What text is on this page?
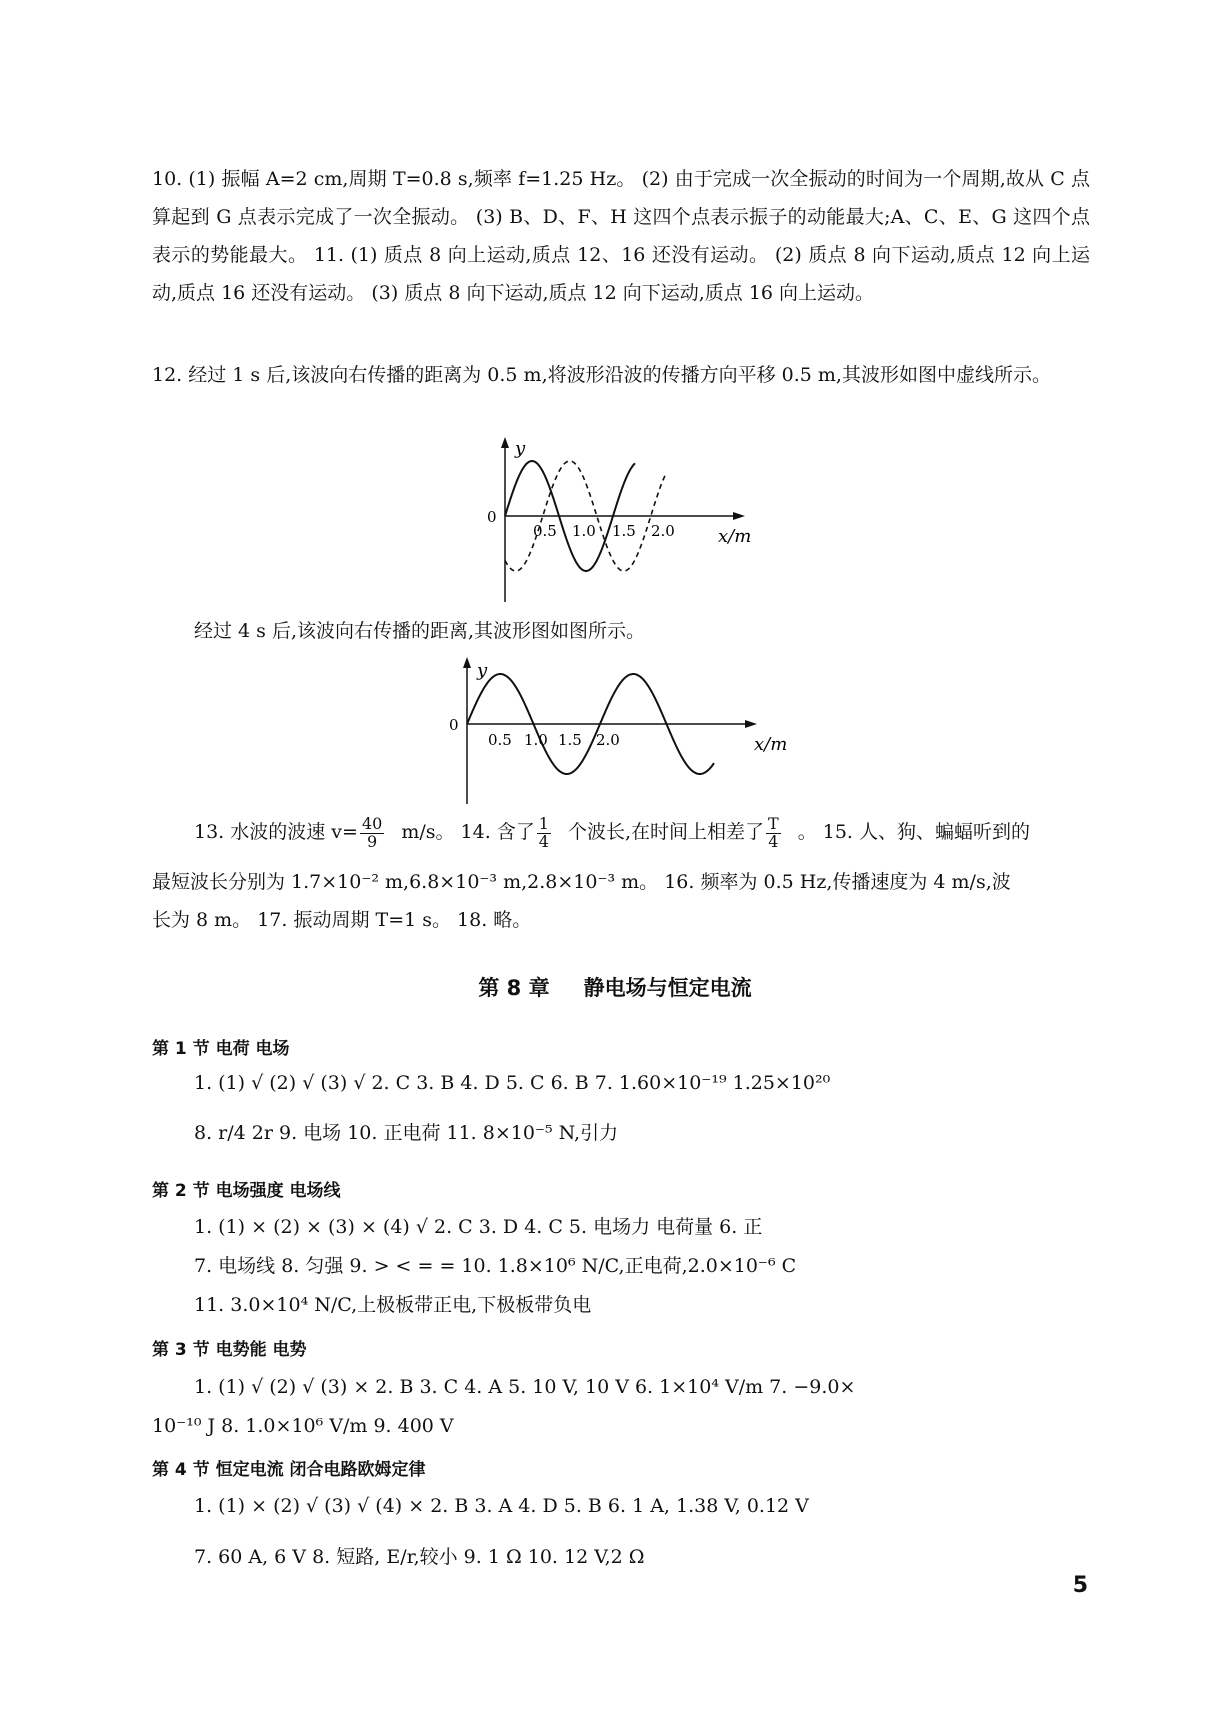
10. (1) 振幅 A=2 cm,周期 T=0.8 s,频率 f=1.25 Hz。 (2) 由于完成一次全振动的时间为一个周期,故从 C 点算起到 G 点表示完成了一次全振动。 (3) B、D、F、H 这四个点表示振子的动能最大;A、C、E、G 这四个点表示的势能最大。 11. (1) 质点 8 向上运动,质点 12、16 还没有运动。 (2) 质点 8 向下运动,质点 12 向上运动,质点 16 还没有运动。 (3) 质点 8 向下运动,质点 12 向下运动,质点 16 向上运动。

12. 经过 1 s 后,该波向右传播的距离为 0.5 m,将波形沿波的传播方向平移 0.5 m,其波形如图中虚线所示。

y
0
0.5 1.0 1.5 2.0 x/m

经过 4 s 后,该波向右传播的距离,其波形图如图所示。

y
0
0.5 1.0 1.5 2.0	x/m
13. 水波的波速 $v= \frac{40}{9} m/s$。 14. 含了 $\frac{1}{4}$ 个波长,在时间上相差了 $\frac{T}{4}$ 。 15. 人、狗、蝙蝠听到的
最短波长分别为 1.7×10⁻² m,6.8×10⁻³ m,2.8×10⁻³ m。 16. 频率为 0.5 Hz,传播速度为 4 m/s,波
长为 8 m。 17. 振动周期 T=1 s。 18. 略。
第 8 章 静电场与恒定电流
第 1 节 电荷 电场
1. (1) √ (2) √ (3) √ 2. C 3. B 4. D 5. C 6. B 7. 1.60×10⁻¹⁹ 1.25×10²⁰
8. r/4 2r 9. 电场 10. 正电荷 11. 8×10⁻⁵ N,引力
第 2 节 电场强度 电场线
1. (1) × (2) × (3) × (4) √ 2. C 3. D 4. C 5. 电场力 电荷量 6. 正
7. 电场线 8. 匀强 9. > < = = 10. 1.8×10⁶ N/C,正电荷,2.0×10⁻⁶ C
11. 3.0×10⁴ N/C,上极板带正电,下极板带负电
第 3 节 电势能 电势
1. (1) √ (2) √ (3) × 2. B 3. C 4. A 5. 10 V, 10 V 6. 1×10⁴ V/m 7. −9.0×
10⁻¹⁰ J 8. 1.0×10⁶ V/m 9. 400 V
第 4 节 恒定电流 闭合电路欧姆定律
1. (1) × (2) √ (3) √ (4) × 2. B 3. A 4. D 5. B 6. 1 A, 1.38 V, 0.12 V
7. 60 A, 6 V 8. 短路, E/r,较小 9. 1 Ω 10. 12 V,2 Ω
5
